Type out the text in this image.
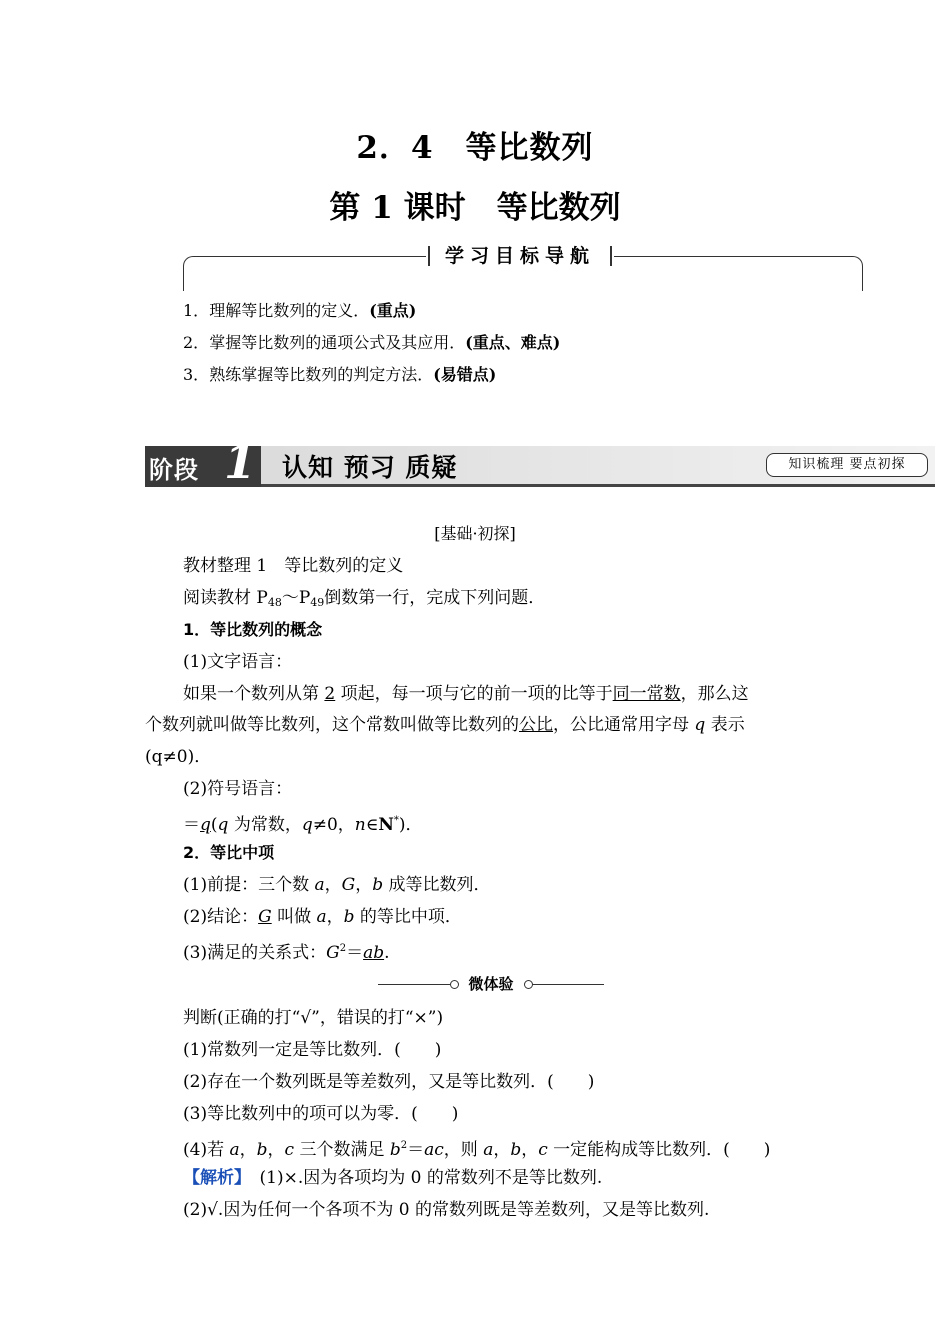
2．4　等比数列
第 1 课时　等比数列
学习目标导航
1．理解等比数列的定义．(重点)
2．掌握等比数列的通项公式及其应用．(重点、难点)
3．熟练掌握等比数列的判定方法．(易错点)
阶段 1 认知 预习 质疑	知识梳理 要点初探
[基础·初探]
教材整理 1　等比数列的定义
阅读教材 $P_{48}\sim P_{49}$倒数第一行，完成下列问题．
1．等比数列的概念
(1)文字语言：
如果一个数列从第 2 项起，每一项与它的前一项的比等于同一常数，那么这
个数列就叫做等比数列，这个常数叫做等比数列的公比，公比通常用字母 q 表示
(q≠0)．
(2)符号语言：
＝q(q 为常数，q≠0，n∈N*)．
2．等比中项
(1)前提：三个数 a，G，b 成等比数列．
(2)结论：G 叫做 a，b 的等比中项．
(3)满足的关系式：$G^2=ab$.
微体验
判断(正确的打“√”，错误的打“×”)
(1)常数列一定是等比数列．(　　)
(2)存在一个数列既是等差数列，又是等比数列．(　　)
(3)等比数列中的项可以为零．(　　)
(4)若 a，b，c 三个数满足 $b^2=ac$，则 a，b，c 一定能构成等比数列．(　　)
【解析】　 (1)×.因为各项均为 0 的常数列不是等比数列.
(2)√.因为任何一个各项不为 0 的常数列既是等差数列，又是等比数列.
